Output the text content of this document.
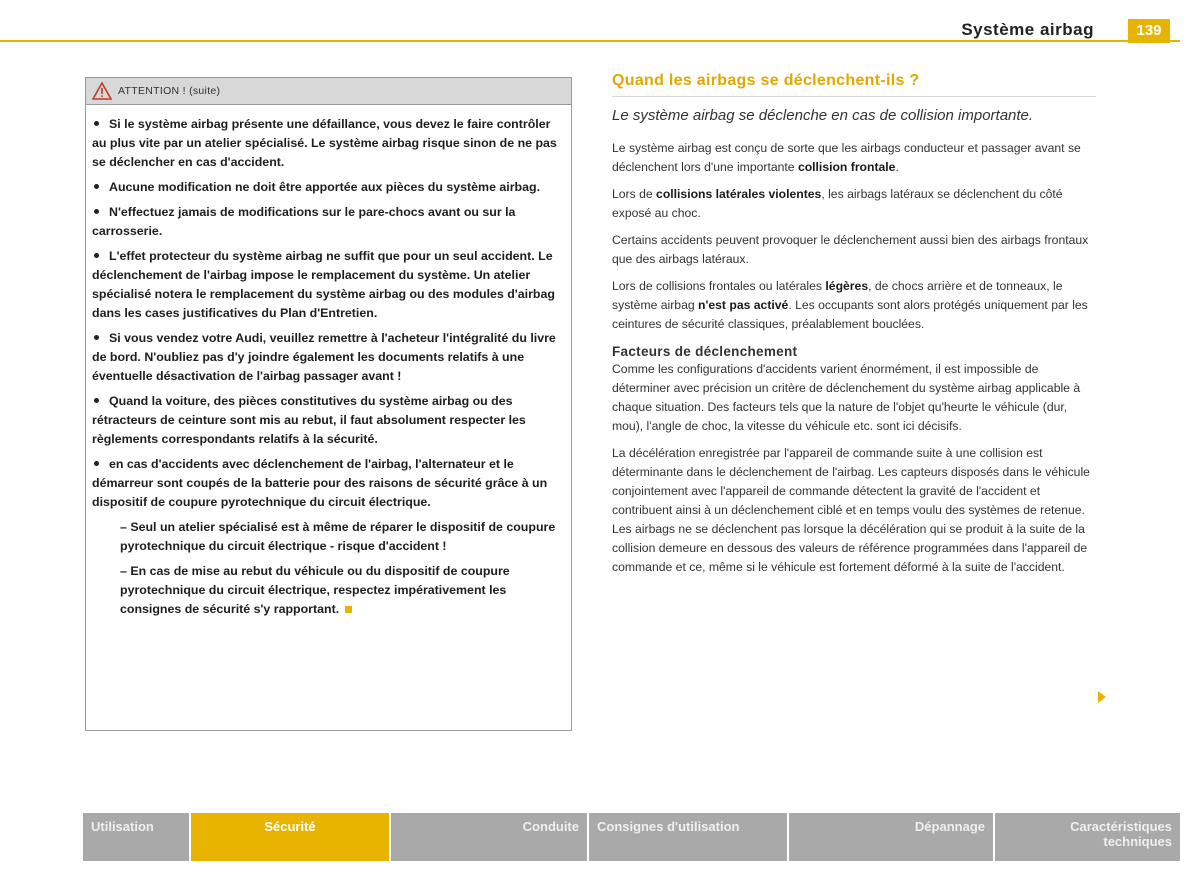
Système airbag	139
ATTENTION ! (suite)

Si le système airbag présente une défaillance, vous devez le faire contrôler au plus vite par un atelier spécialisé. Le système airbag risque sinon de ne pas se déclencher en cas d'accident.

Aucune modification ne doit être apportée aux pièces du système airbag.

N'effectuez jamais de modifications sur le pare-chocs avant ou sur la carrosserie.

L'effet protecteur du système airbag ne suffit que pour un seul accident. Le déclenchement de l'airbag impose le remplacement du système. Un atelier spécialisé notera le remplacement du système airbag ou des modules d'airbag dans les cases justificatives du Plan d'Entretien.

Si vous vendez votre Audi, veuillez remettre à l'acheteur l'intégralité du livre de bord. N'oubliez pas d'y joindre également les documents relatifs à une éventuelle désactivation de l'airbag passager avant !

Quand la voiture, des pièces constitutives du système airbag ou des rétracteurs de ceinture sont mis au rebut, il faut absolument respecter les règlements correspondants relatifs à la sécurité.

en cas d'accidents avec déclenchement de l'airbag, l'alternateur et le démarreur sont coupés de la batterie pour des raisons de sécurité grâce à un dispositif de coupure pyrotechnique du circuit électrique.

– Seul un atelier spécialisé est à même de réparer le dispositif de coupure pyrotechnique du circuit électrique - risque d'accident !

– En cas de mise au rebut du véhicule ou du dispositif de coupure pyrotechnique du circuit électrique, respectez impérativement les consignes de sécurité s'y rapportant.

Quand les airbags se déclenchent-ils ?

Le système airbag se déclenche en cas de collision importante.

Le système airbag est conçu de sorte que les airbags conducteur et passager avant se déclenchent lors d'une importante collision frontale.

Lors de collisions latérales violentes, les airbags latéraux se déclenchent du côté exposé au choc.

Certains accidents peuvent provoquer le déclenchement aussi bien des airbags frontaux que des airbags latéraux.

Lors de collisions frontales ou latérales légères, de chocs arrière et de tonneaux, le système airbag n'est pas activé. Les occupants sont alors protégés uniquement par les ceintures de sécurité classiques, préalablement bouclées.

Facteurs de déclenchement

Comme les configurations d'accidents varient énormément, il est impossible de déterminer avec précision un critère de déclenchement du système airbag applicable à chaque situation. Des facteurs tels que la nature de l'objet qu'heurte le véhicule (dur, mou), l'angle de choc, la vitesse du véhicule etc. sont ici décisifs.

La décélération enregistrée par l'appareil de commande suite à une collision est déterminante dans le déclenchement de l'airbag. Les capteurs disposés dans le véhicule conjointement avec l'appareil de commande détectent la gravité de l'accident et contribuent ainsi à un déclenchement ciblé et en temps voulu des systèmes de retenue. Les airbags ne se déclenchent pas lorsque la décélération qui se produit à la suite de la collision demeure en dessous des valeurs de référence programmées dans l'appareil de commande et ce, même si le véhicule est fortement déformé à la suite de l'accident.

Utilisation	Sécurité	Conduite	Consignes d'utilisation	Dépannage	Caractéristiques techniques
